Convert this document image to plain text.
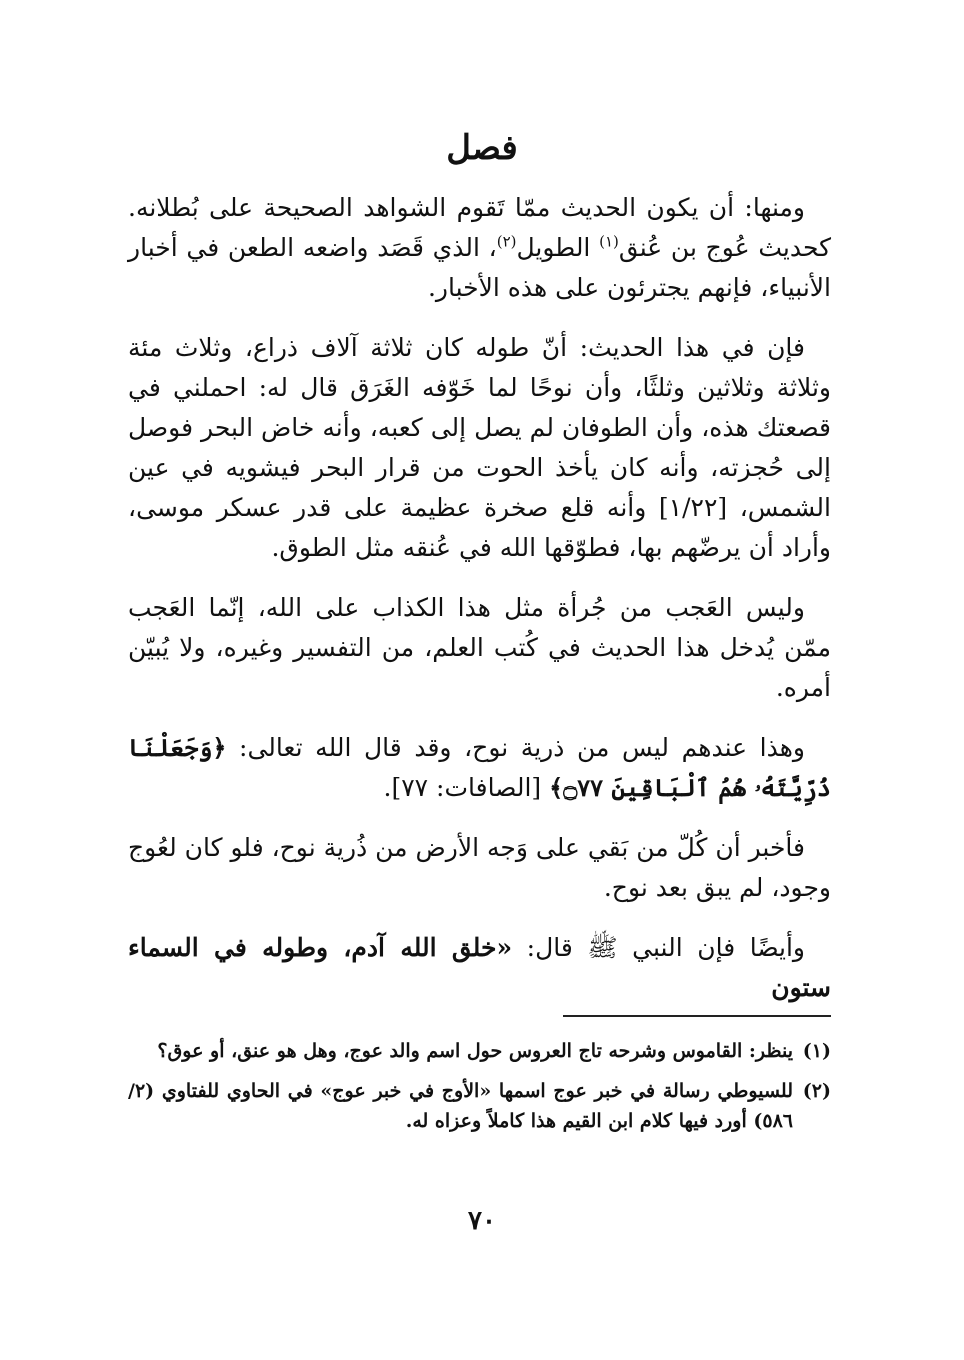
فصل

ومنها: أن يكون الحديث ممّا تَقوم الشواهد الصحيحة على بُطلانه. كحديث عُوج بن عُنق$^{(١)}$ الطويل$^{(٢)}$، الذي قَصَد واضعه الطعن في أخبار الأنبياء، فإنهم يجترئون على هذه الأخبار.

فإن في هذا الحديث: أنّ طوله كان ثلاثة آلاف ذراع، وثلاث مئة وثلاثة وثلاثين وثلثًا، وأن نوحًا لما خَوّفه الغَرَق قال له: احملني في قصعتك هذه، وأن الطوفان لم يصل إلى كعبه، وأنه خاض البحر فوصل إلى حُجزته، وأنه كان يأخذ الحوت من قرار البحر فيشويه في عين الشمس، [١/٢٢] وأنه قلع صخرة عظيمة على قدر عسكر موسى، وأراد أن يرضّهم بها، فطوّقها الله في عُنقه مثل الطوق.

وليس العَجب من جُرأة مثل هذا الكذاب على الله، إنّما العَجب ممّن يُدخل هذا الحديث في كُتب العلم، من التفسير وغيره، ولا يُبيّن أمره.

وهذا عندهم ليس من ذرية نوح، وقد قال الله تعالى: ﴿وَجَعَلْنَا ذُرِّيَّتَهُۥ هُمُ ٱلْبَاقِينَ ۝٧٧﴾ [الصافات: ٧٧].

فأخبر أن كُلّ من بَقي على وَجه الأرض من ذُرية نوح، فلو كان لعُوج وجود، لم يبق بعد نوح.

وأيضًا فإن النبي ﷺ قال: «خلق الله آدم، وطوله في السماء ستون

(١)
ينظر: القاموس وشرحه تاج العروس حول اسم والد عوج، وهل هو عنق، أو عوق؟
(٢)
للسيوطي رسالة في خبر عوج اسمها «الأوج في خبر عوج» في الحاوي للفتاوي (٢/ ٥٨٦) أورد فيها كلام ابن القيم هذا كاملاً وعزاه له.
٧٠
